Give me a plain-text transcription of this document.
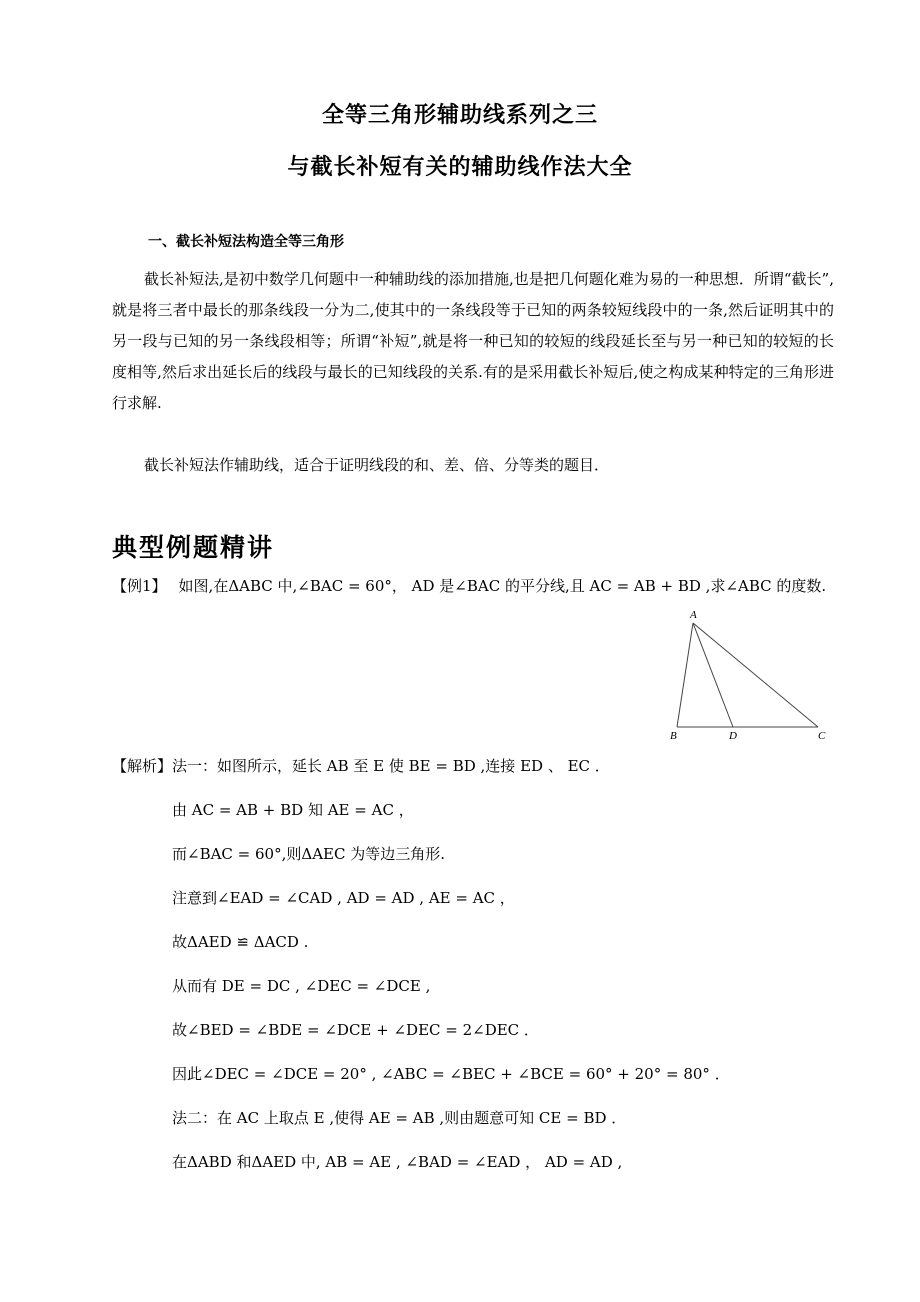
全等三角形辅助线系列之三
与截长补短有关的辅助线作法大全
一、截长补短法构造全等三角形
截长补短法,是初中数学几何题中一种辅助线的添加措施,也是把几何题化难为易的一种思想．所谓“截长”,就是将三者中最长的那条线段一分为二,使其中的一条线段等于已知的两条较短线段中的一条,然后证明其中的另一段与已知的另一条线段相等；所谓“补短”,就是将一种已知的较短的线段延长至与另一种已知的较短的长度相等,然后求出延长后的线段与最长的已知线段的关系.有的是采用截长补短后,使之构成某种特定的三角形进行求解.
截长补短法作辅助线，适合于证明线段的和、差、倍、分等类的题目．
典型例题精讲
【例1】 如图,在ΔABC 中,∠BAC = 60°， AD 是∠BAC 的平分线,且 AC = AB + BD ,求∠ABC 的度数.
A
B	D	C
【解析】法一：如图所示，延长 AB 至 E 使 BE = BD ,连接 ED 、 EC ．
由 AC = AB + BD 知 AE = AC ，
而∠BAC = 60°,则ΔAEC 为等边三角形.
注意到∠EAD = ∠CAD , AD = AD , AE = AC ，
故ΔAED ≌ ΔACD .
从而有 DE = DC , ∠DEC = ∠DCE ,
故∠BED = ∠BDE = ∠DCE + ∠DEC = 2∠DEC ．
因此∠DEC = ∠DCE = 20° , ∠ABC = ∠BEC + ∠BCE = 60° + 20° = 80° ．
法二：在 AC 上取点 E ,使得 AE = AB ,则由题意可知 CE = BD ．
在ΔABD 和ΔAED 中, AB = AE , ∠BAD = ∠EAD ， AD = AD ,
